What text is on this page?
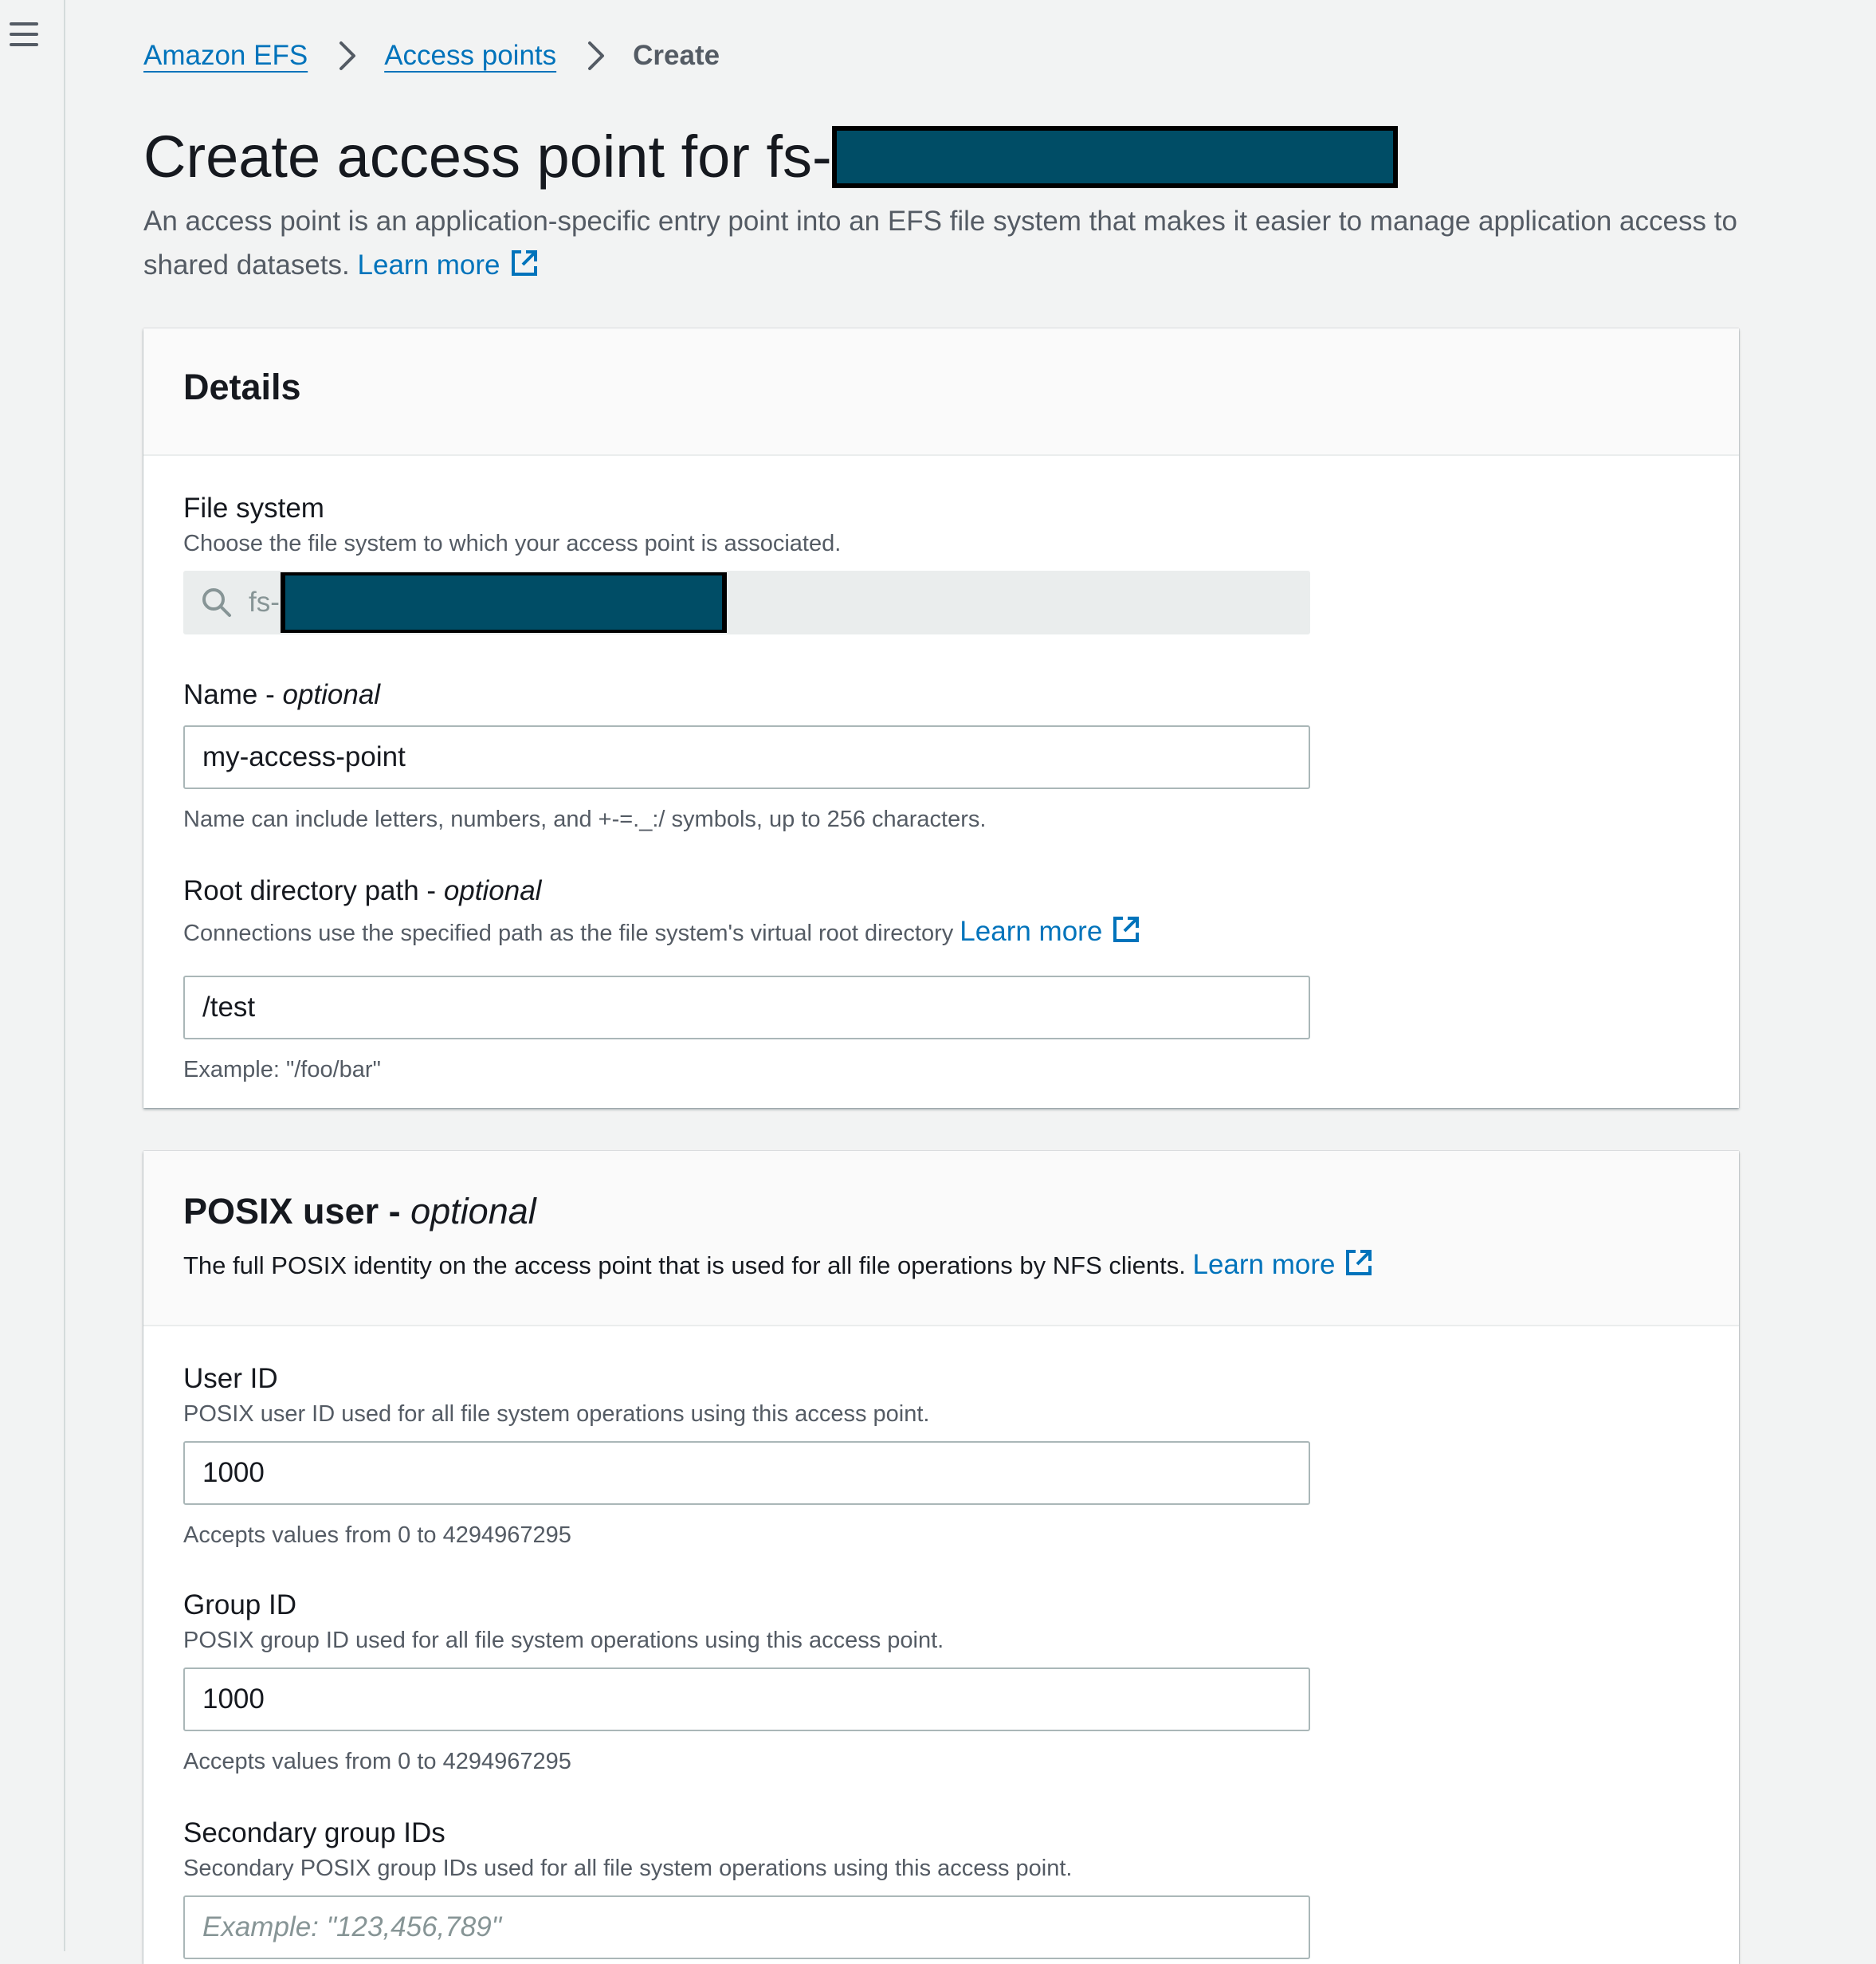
Amazon EFS	Access points	Create
Create access point for fs-
An access point is an application-specific entry point into an EFS file system that makes it easier to manage application access to shared datasets. Learn more
Details
File system
Choose the file system to which your access point is associated.
fs-
Name - optional
my-access-point
Name can include letters, numbers, and +-=._:/ symbols, up to 256 characters.
Root directory path - optional
Connections use the specified path as the file system's virtual root directory Learn more
/test
Example: "/foo/bar"
POSIX user - optional
The full POSIX identity on the access point that is used for all file operations by NFS clients. Learn more
User ID
POSIX user ID used for all file system operations using this access point.
1000
Accepts values from 0 to 4294967295
Group ID
POSIX group ID used for all file system operations using this access point.
1000
Accepts values from 0 to 4294967295
Secondary group IDs
Secondary POSIX group IDs used for all file system operations using this access point.
Example: "123,456,789"
